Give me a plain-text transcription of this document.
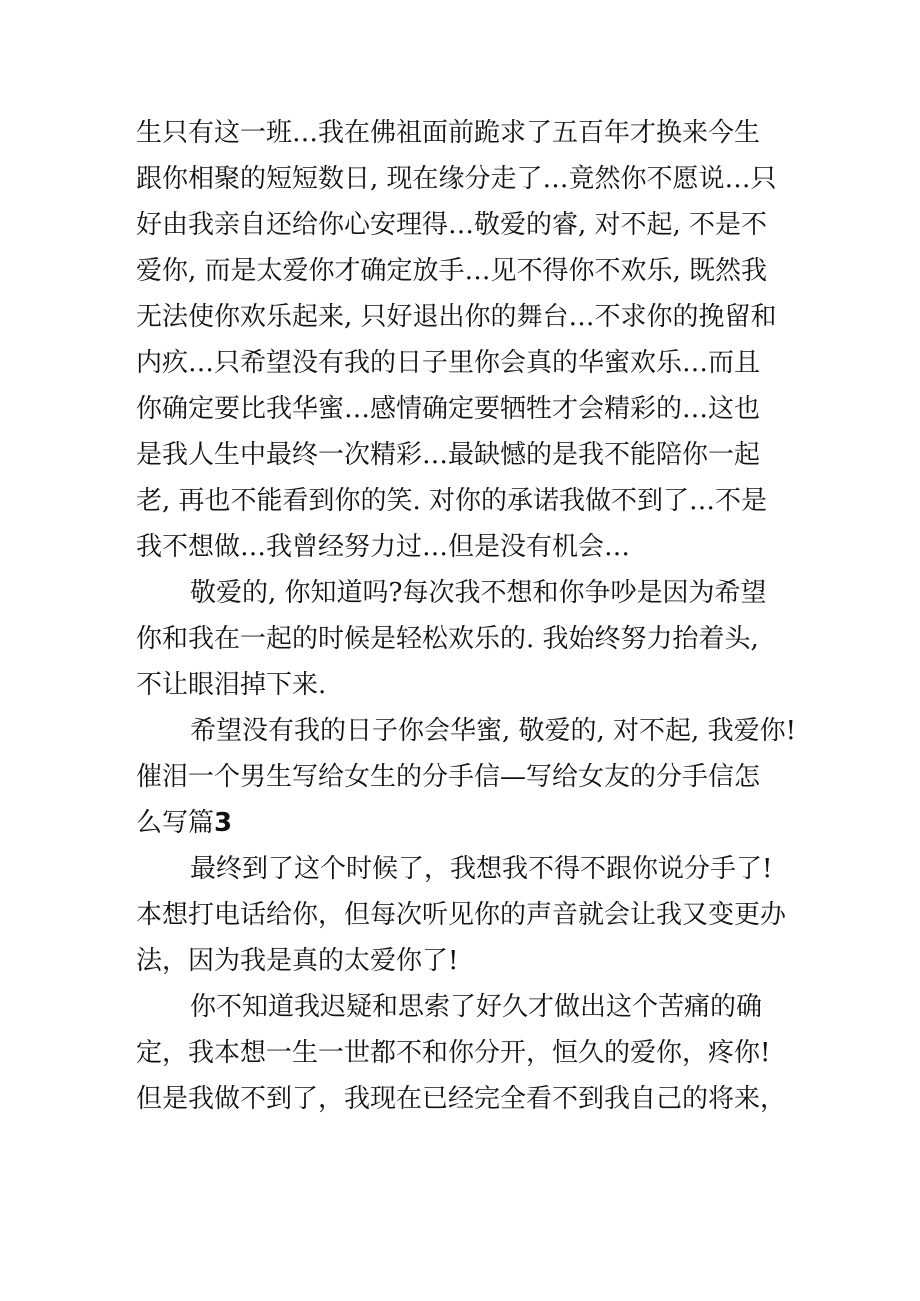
生只有这一班…我在佛祖面前跪求了五百年才换来今生
跟你相聚的短短数日, 现在缘分走了…竟然你不愿说…只
好由我亲自还给你心安理得…敬爱的睿, 对不起, 不是不
爱你, 而是太爱你才确定放手…见不得你不欢乐, 既然我
无法使你欢乐起来, 只好退出你的舞台…不求你的挽留和
内疚…只希望没有我的日子里你会真的华蜜欢乐…而且
你确定要比我华蜜…感情确定要牺牲才会精彩的…这也
是我人生中最终一次精彩…最缺憾的是我不能陪你一起
老, 再也不能看到你的笑. 对你的承诺我做不到了…不是
我不想做…我曾经努力过…但是没有机会…
敬爱的, 你知道吗?每次我不想和你争吵是因为希望
你和我在一起的时候是轻松欢乐的. 我始终努力抬着头,
不让眼泪掉下来.
希望没有我的日子你会华蜜, 敬爱的, 对不起, 我爱你!
催泪一个男生写给女生的分手信—写给女友的分手信怎
么写篇3
最终到了这个时候了，我想我不得不跟你说分手了!
本想打电话给你，但每次听见你的声音就会让我又变更办
法，因为我是真的太爱你了!
你不知道我迟疑和思索了好久才做出这个苦痛的确
定，我本想一生一世都不和你分开，恒久的爱你，疼你!
但是我做不到了，我现在已经完全看不到我自己的将来，
